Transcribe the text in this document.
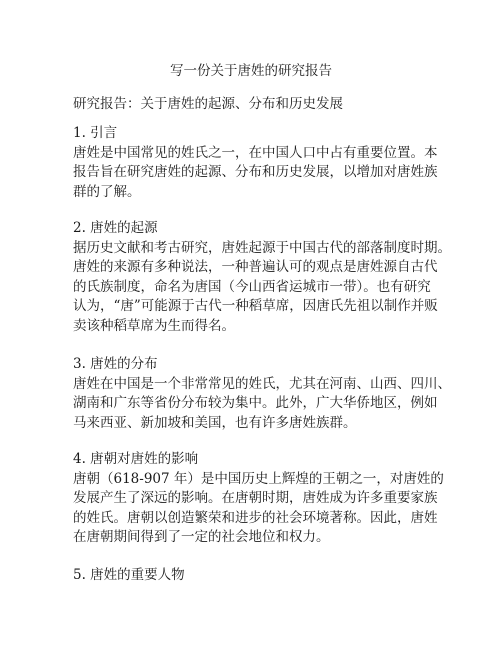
写一份关于唐姓的研究报告
研究报告：关于唐姓的起源、分布和历史发展
1. 引言
唐姓是中国常见的姓氏之一，在中国人口中占有重要位置。本
报告旨在研究唐姓的起源、分布和历史发展，以增加对唐姓族
群的了解。
2. 唐姓的起源
据历史文献和考古研究，唐姓起源于中国古代的部落制度时期。
唐姓的来源有多种说法，一种普遍认可的观点是唐姓源自古代
的氏族制度，命名为唐国（今山西省运城市一带）。也有研究
认为，“唐”可能源于古代一种稻草席，因唐氏先祖以制作并贩
卖该种稻草席为生而得名。
3. 唐姓的分布
唐姓在中国是一个非常常见的姓氏，尤其在河南、山西、四川、
湖南和广东等省份分布较为集中。此外，广大华侨地区，例如
马来西亚、新加坡和美国，也有许多唐姓族群。
4. 唐朝对唐姓的影响
唐朝（618-907 年）是中国历史上辉煌的王朝之一，对唐姓的
发展产生了深远的影响。在唐朝时期，唐姓成为许多重要家族
的姓氏。唐朝以创造繁荣和进步的社会环境著称。因此，唐姓
在唐朝期间得到了一定的社会地位和权力。
5. 唐姓的重要人物
